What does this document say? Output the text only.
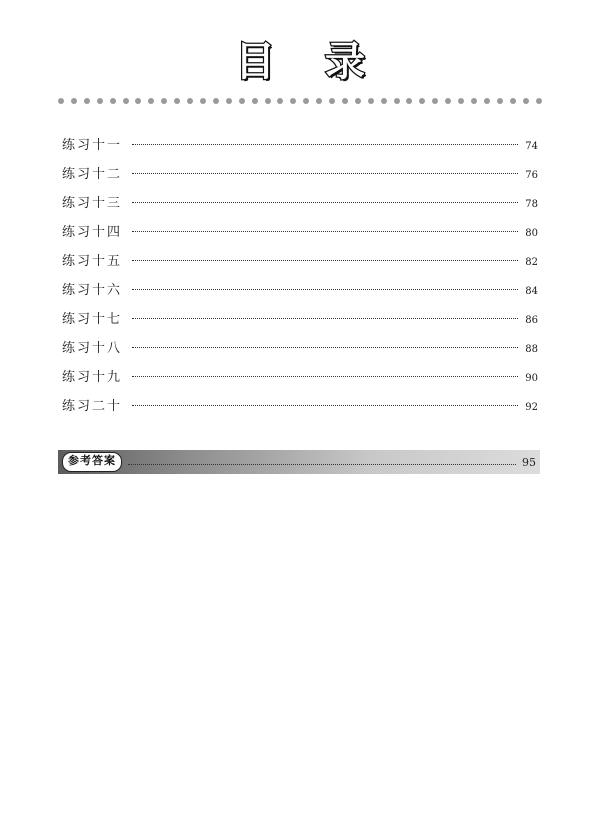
目 录
练习十一	74
练习十二	76
练习十三	78
练习十四	80
练习十五	82
练习十六	84
练习十七	86
练习十八	88
练习十九	90
练习二十	92
参考答案	95
